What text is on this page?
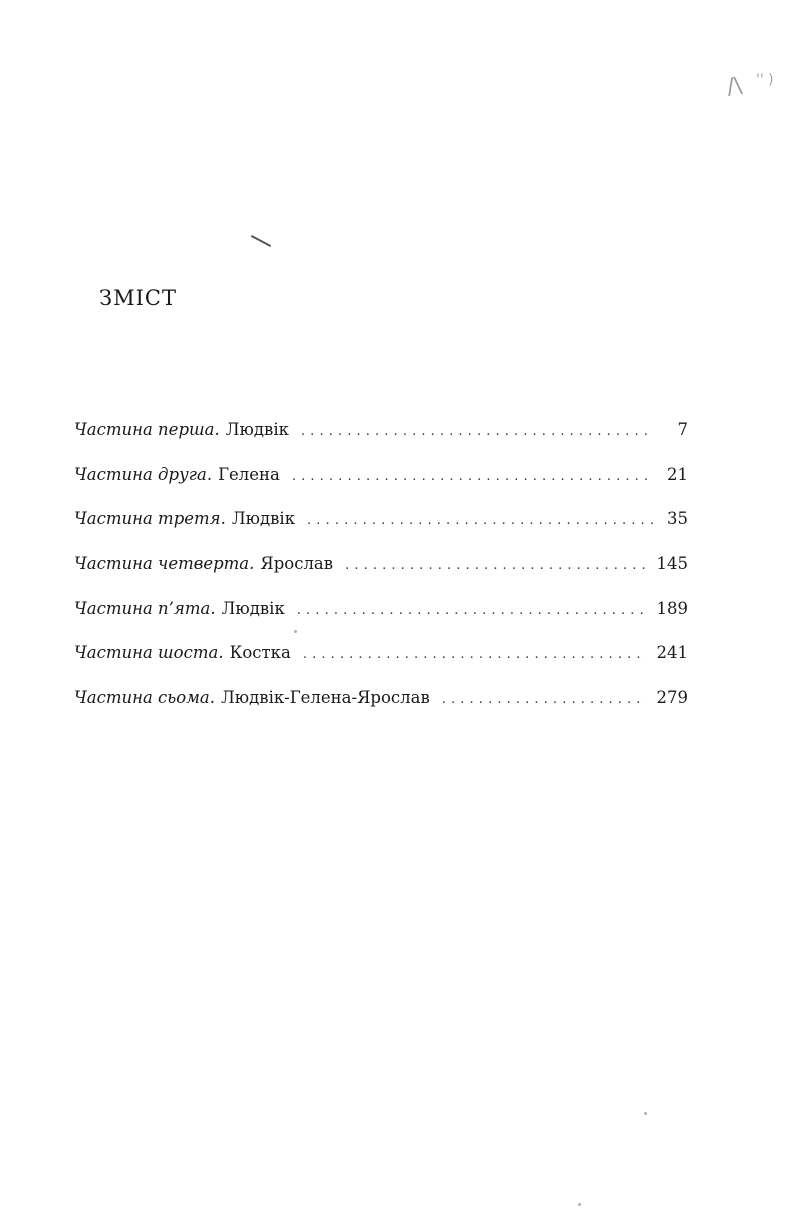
/\ '' )
ЗМІСТ
Частина перша. Людвік . . .	7
Частина друга. Гелена . . .	21
Частина третя. Людвік . . .	35
Частина четверта. Ярослав . . .	145
Частина п’ята. Людвік . . .	189
Частина шоста. Костка . . .	241
Частина сьома. Людвік-Гелена-Ярослав . . .	279
